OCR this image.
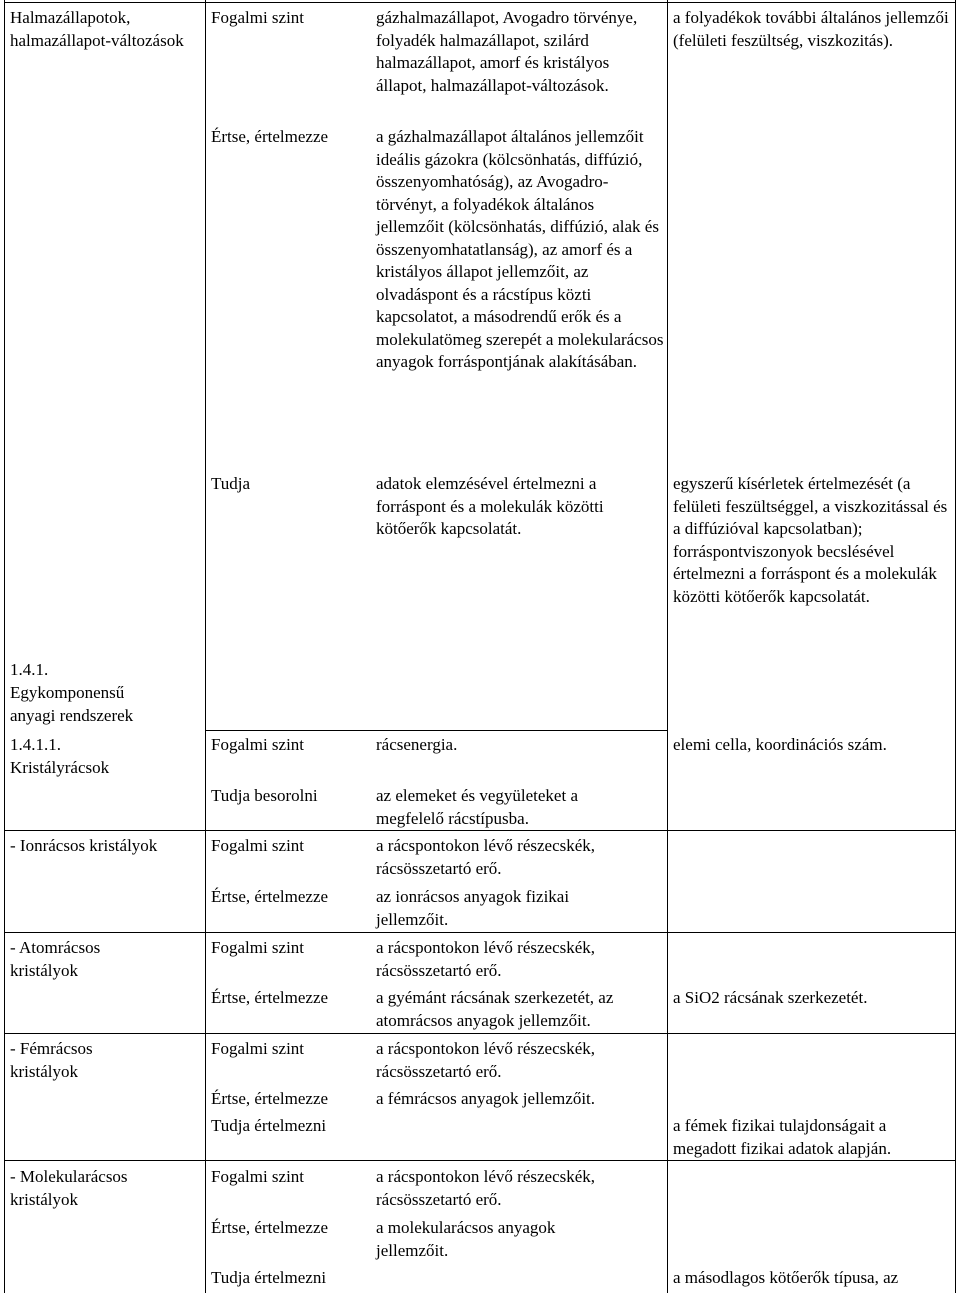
Halmazállapotok, halmazállapot-változások

1.4.1.

Egykomponensű anyagi rendszerek

1.4.1.1.

Kristályrácsok

- Ionrácsos kristályok

- Atomrácsos kristályok

- Fémrácsos kristályok

- Molekularácsos kristályok

Fogalmi szint

Értse, értelmezze

Tudja

Fogalmi szint

Tudja besorolni

Fogalmi szint

Értse, értelmezze

Fogalmi szint

Értse, értelmezze

Fogalmi szint

Értse, értelmezze

Tudja értelmezni

Fogalmi szint

Értse, értelmezze

Tudja értelmezni

gázhalmazállapot, Avogadro törvénye, folyadék halmazállapot, szilárd halmazállapot, amorf és kristályos állapot, halmazállapot-változások.

a gázhalmazállapot általános jellemzőit ideális gázokra (kölcsönhatás, diffúzió, összenyomhatóság), az Avogadro-törvényt, a folyadékok általános jellemzőit (kölcsönhatás, diffúzió, alak és összenyomhatatlanság), az amorf és a kristályos állapot jellemzőit, az olvadáspont és a rácstípus közti kapcsolatot, a másodrendű erők és a molekulatömeg szerepét a molekularácsos anyagok forráspontjának alakításában.

adatok elemzésével értelmezni a forráspont és a molekulák közötti kötőerők kapcsolatát.

rácsenergia.

az elemeket és vegyületeket a megfelelő rácstípusba.

a rácspontokon lévő részecskék, rácsösszetartó erő.

az ionrácsos anyagok fizikai jellemzőit.

a rácspontokon lévő részecskék, rácsösszetartó erő.

a gyémánt rácsának szerkezetét, az atomrácsos anyagok jellemzőit.

a rácspontokon lévő részecskék, rácsösszetartó erő.

a fémrácsos anyagok jellemzőit.

a rácspontokon lévő részecskék, rácsösszetartó erő.

a molekularácsos anyagok jellemzőit.

a folyadékok további általános jellemzői (felületi feszültség, viszkozitás).

egyszerű kísérletek értelmezését (a felületi feszültséggel, a viszkozitással és a diffúzióval kapcsolatban); forráspontviszonyok becslésével értelmezni a forráspont és a molekulák közötti kötőerők kapcsolatát.

elemi cella, koordinációs szám.

a SiO2 rácsának szerkezetét.

a fémek fizikai tulajdonságait a megadott fizikai adatok alapján.

a másodlagos kötőerők típusa, az
